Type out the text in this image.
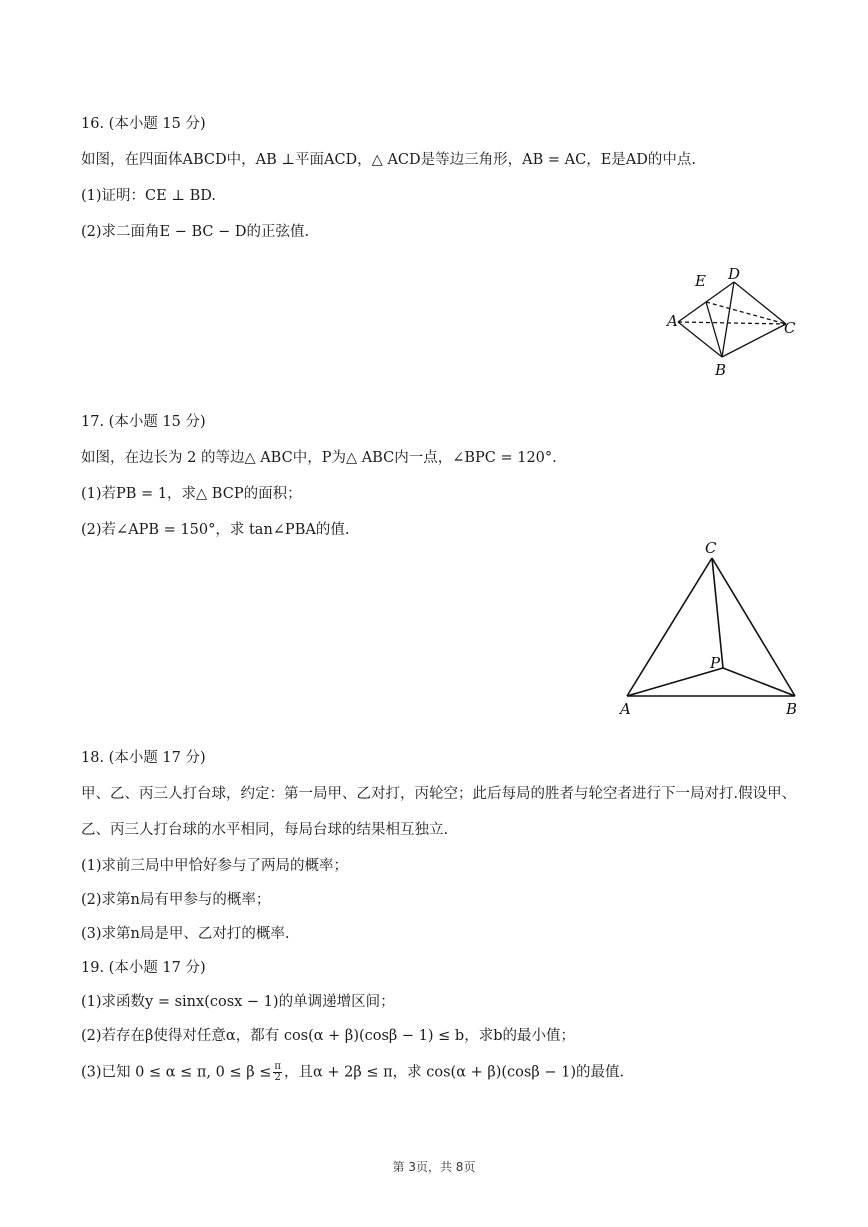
16. (本小题 15 分)
如图，在四面体ABCD中，AB ⊥平面ACD，△ ACD是等边三角形，AB = AC，E是AD的中点.
(1)证明：CE ⊥ BD.
(2)求二面角E − BC − D的正弦值.
D
E
A	C
B
17. (本小题 15 分)
如图，在边长为 2 的等边△ ABC中，P为△ ABC内一点，∠BPC = 120°.
(1)若PB = 1，求△ BCP的面积；
(2)若∠APB = 150°，求 tan∠PBA的值.
C
P
A	B
18. (本小题 17 分)
甲、乙、丙三人打台球，约定：第一局甲、乙对打，丙轮空；此后每局的胜者与轮空者进行下一局对打.假设甲、乙、丙三人打台球的水平相同，每局台球的结果相互独立.
(1)求前三局中甲恰好参与了两局的概率；
(2)求第n局有甲参与的概率；
(3)求第n局是甲、乙对打的概率.
19. (本小题 17 分)
(1)求函数y = sinx(cosx − 1)的单调递增区间；
(2)若存在β使得对任意α，都有 cos(α + β)(cosβ − 1) ≤ b，求b的最小值；
(3)已知 0 ≤ α ≤ π, $0 \le \beta \le \frac{\pi}{2}$ ，且α + 2β ≤ π，求 cos(α + β)(cosβ − 1)的最值.
第 3页，共 8页
